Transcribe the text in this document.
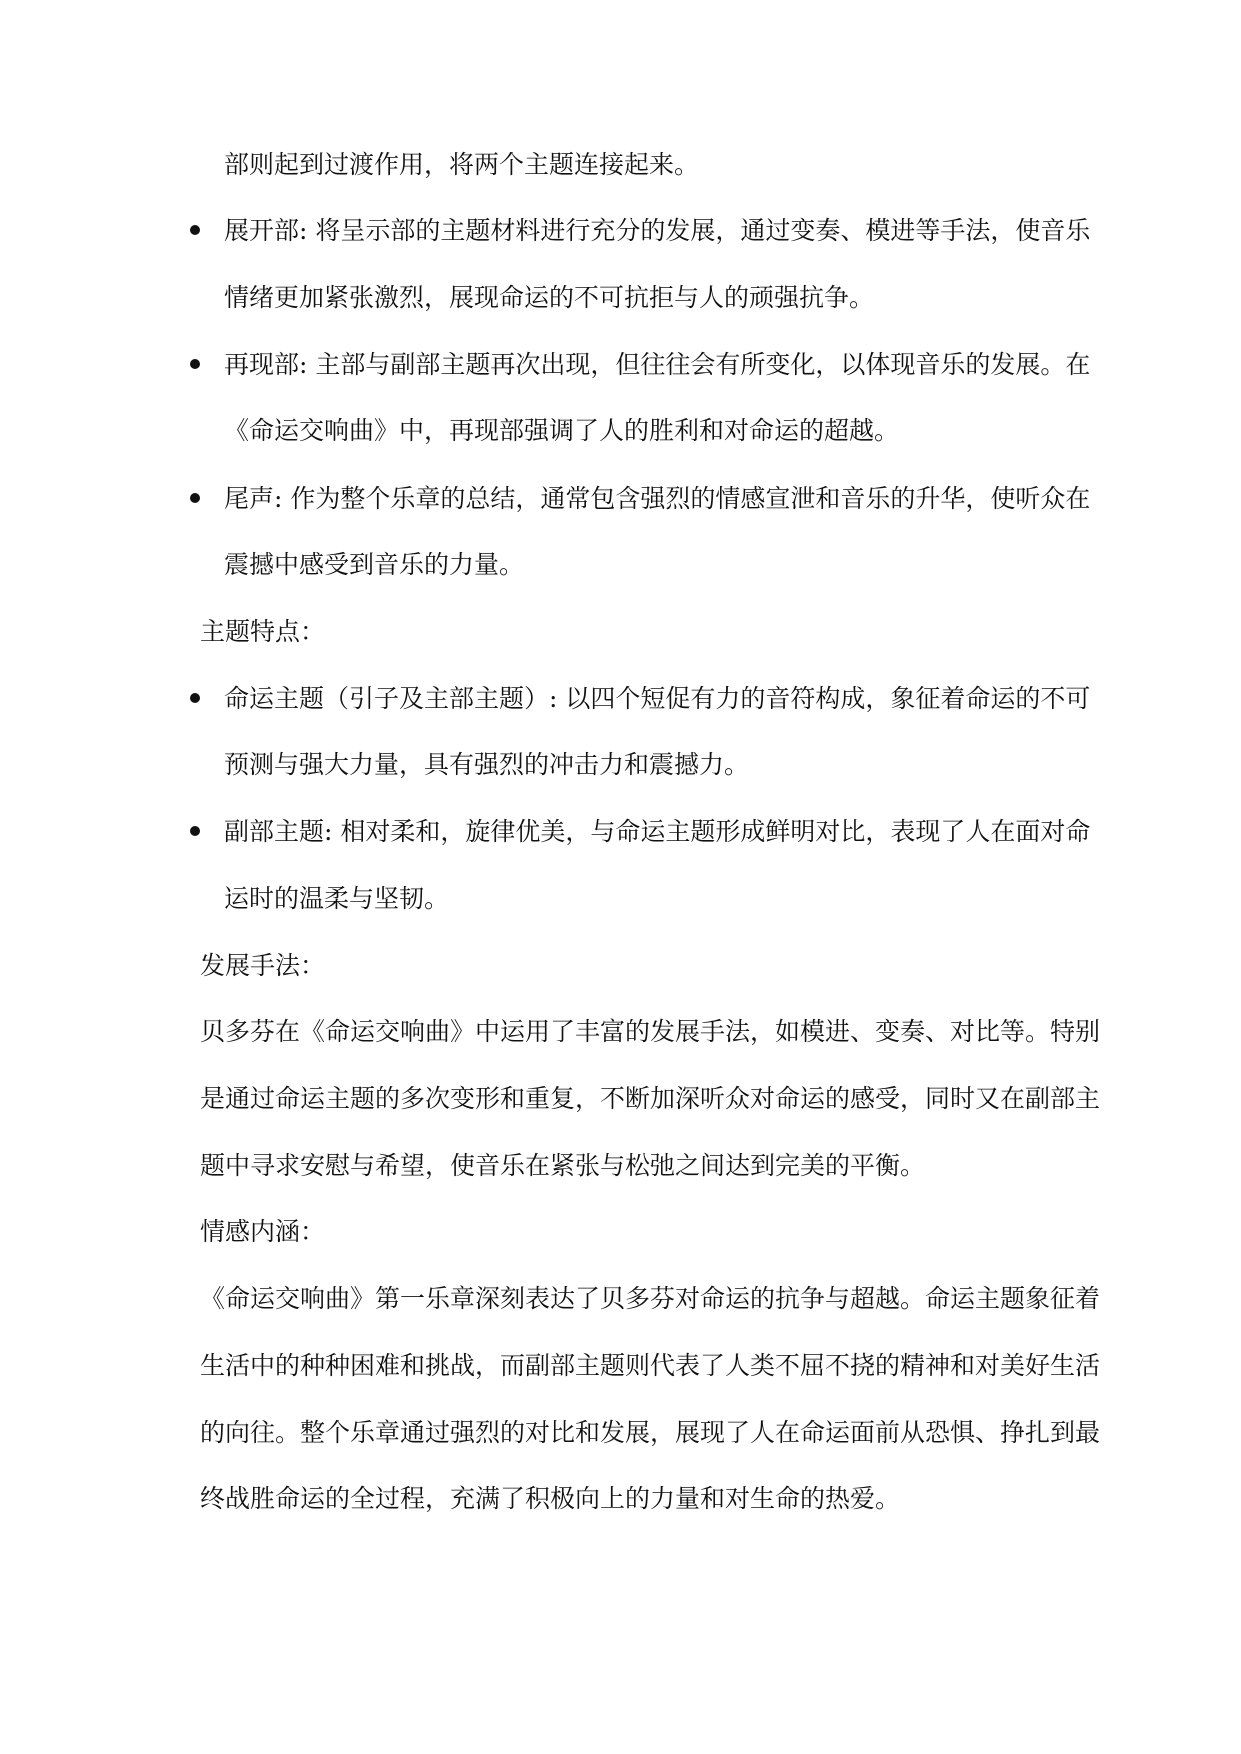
部则起到过渡作用，将两个主题连接起来。

展开部: 将呈示部的主题材料进行充分的发展，通过变奏、模进等手法，使音乐

情绪更加紧张激烈，展现命运的不可抗拒与人的顽强抗争。

再现部: 主部与副部主题再次出现，但往往会有所变化，以体现音乐的发展。在

《命运交响曲》中，再现部强调了人的胜利和对命运的超越。

尾声: 作为整个乐章的总结，通常包含强烈的情感宣泄和音乐的升华，使听众在

震撼中感受到音乐的力量。

主题特点：

命运主题（引子及主部主题）: 以四个短促有力的音符构成，象征着命运的不可

预测与强大力量，具有强烈的冲击力和震撼力。

副部主题: 相对柔和，旋律优美，与命运主题形成鲜明对比，表现了人在面对命

运时的温柔与坚韧。

发展手法：

贝多芬在《命运交响曲》中运用了丰富的发展手法，如模进、变奏、对比等。特别

是通过命运主题的多次变形和重复，不断加深听众对命运的感受，同时又在副部主

题中寻求安慰与希望，使音乐在紧张与松弛之间达到完美的平衡。

情感内涵：

《命运交响曲》第一乐章深刻表达了贝多芬对命运的抗争与超越。命运主题象征着

生活中的种种困难和挑战，而副部主题则代表了人类不屈不挠的精神和对美好生活

的向往。整个乐章通过强烈的对比和发展，展现了人在命运面前从恐惧、挣扎到最

终战胜命运的全过程，充满了积极向上的力量和对生命的热爱。
